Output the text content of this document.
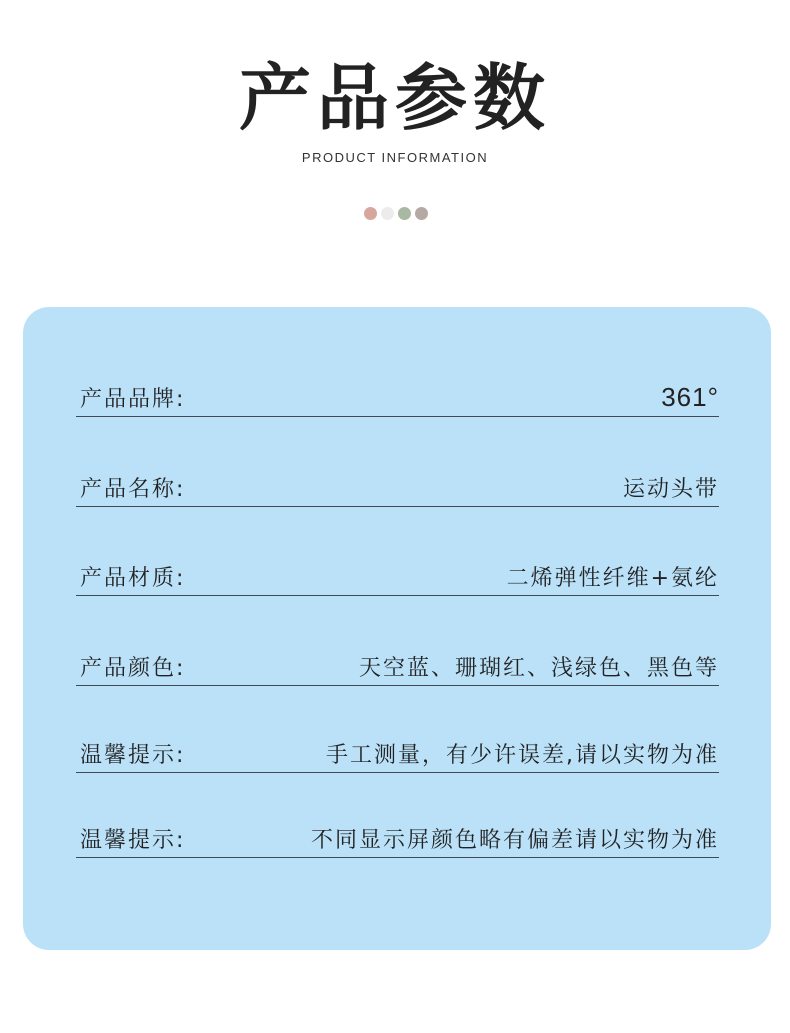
产品参数
PRODUCT INFORMATION
产品品牌:	361°
产品名称:	运动头带
产品材质:	二烯弹性纤维+氨纶
产品颜色:	天空蓝、珊瑚红、浅绿色、黑色等
温馨提示:	手工测量，有少许误差,请以实物为准
温馨提示:	不同显示屏颜色略有偏差请以实物为准
